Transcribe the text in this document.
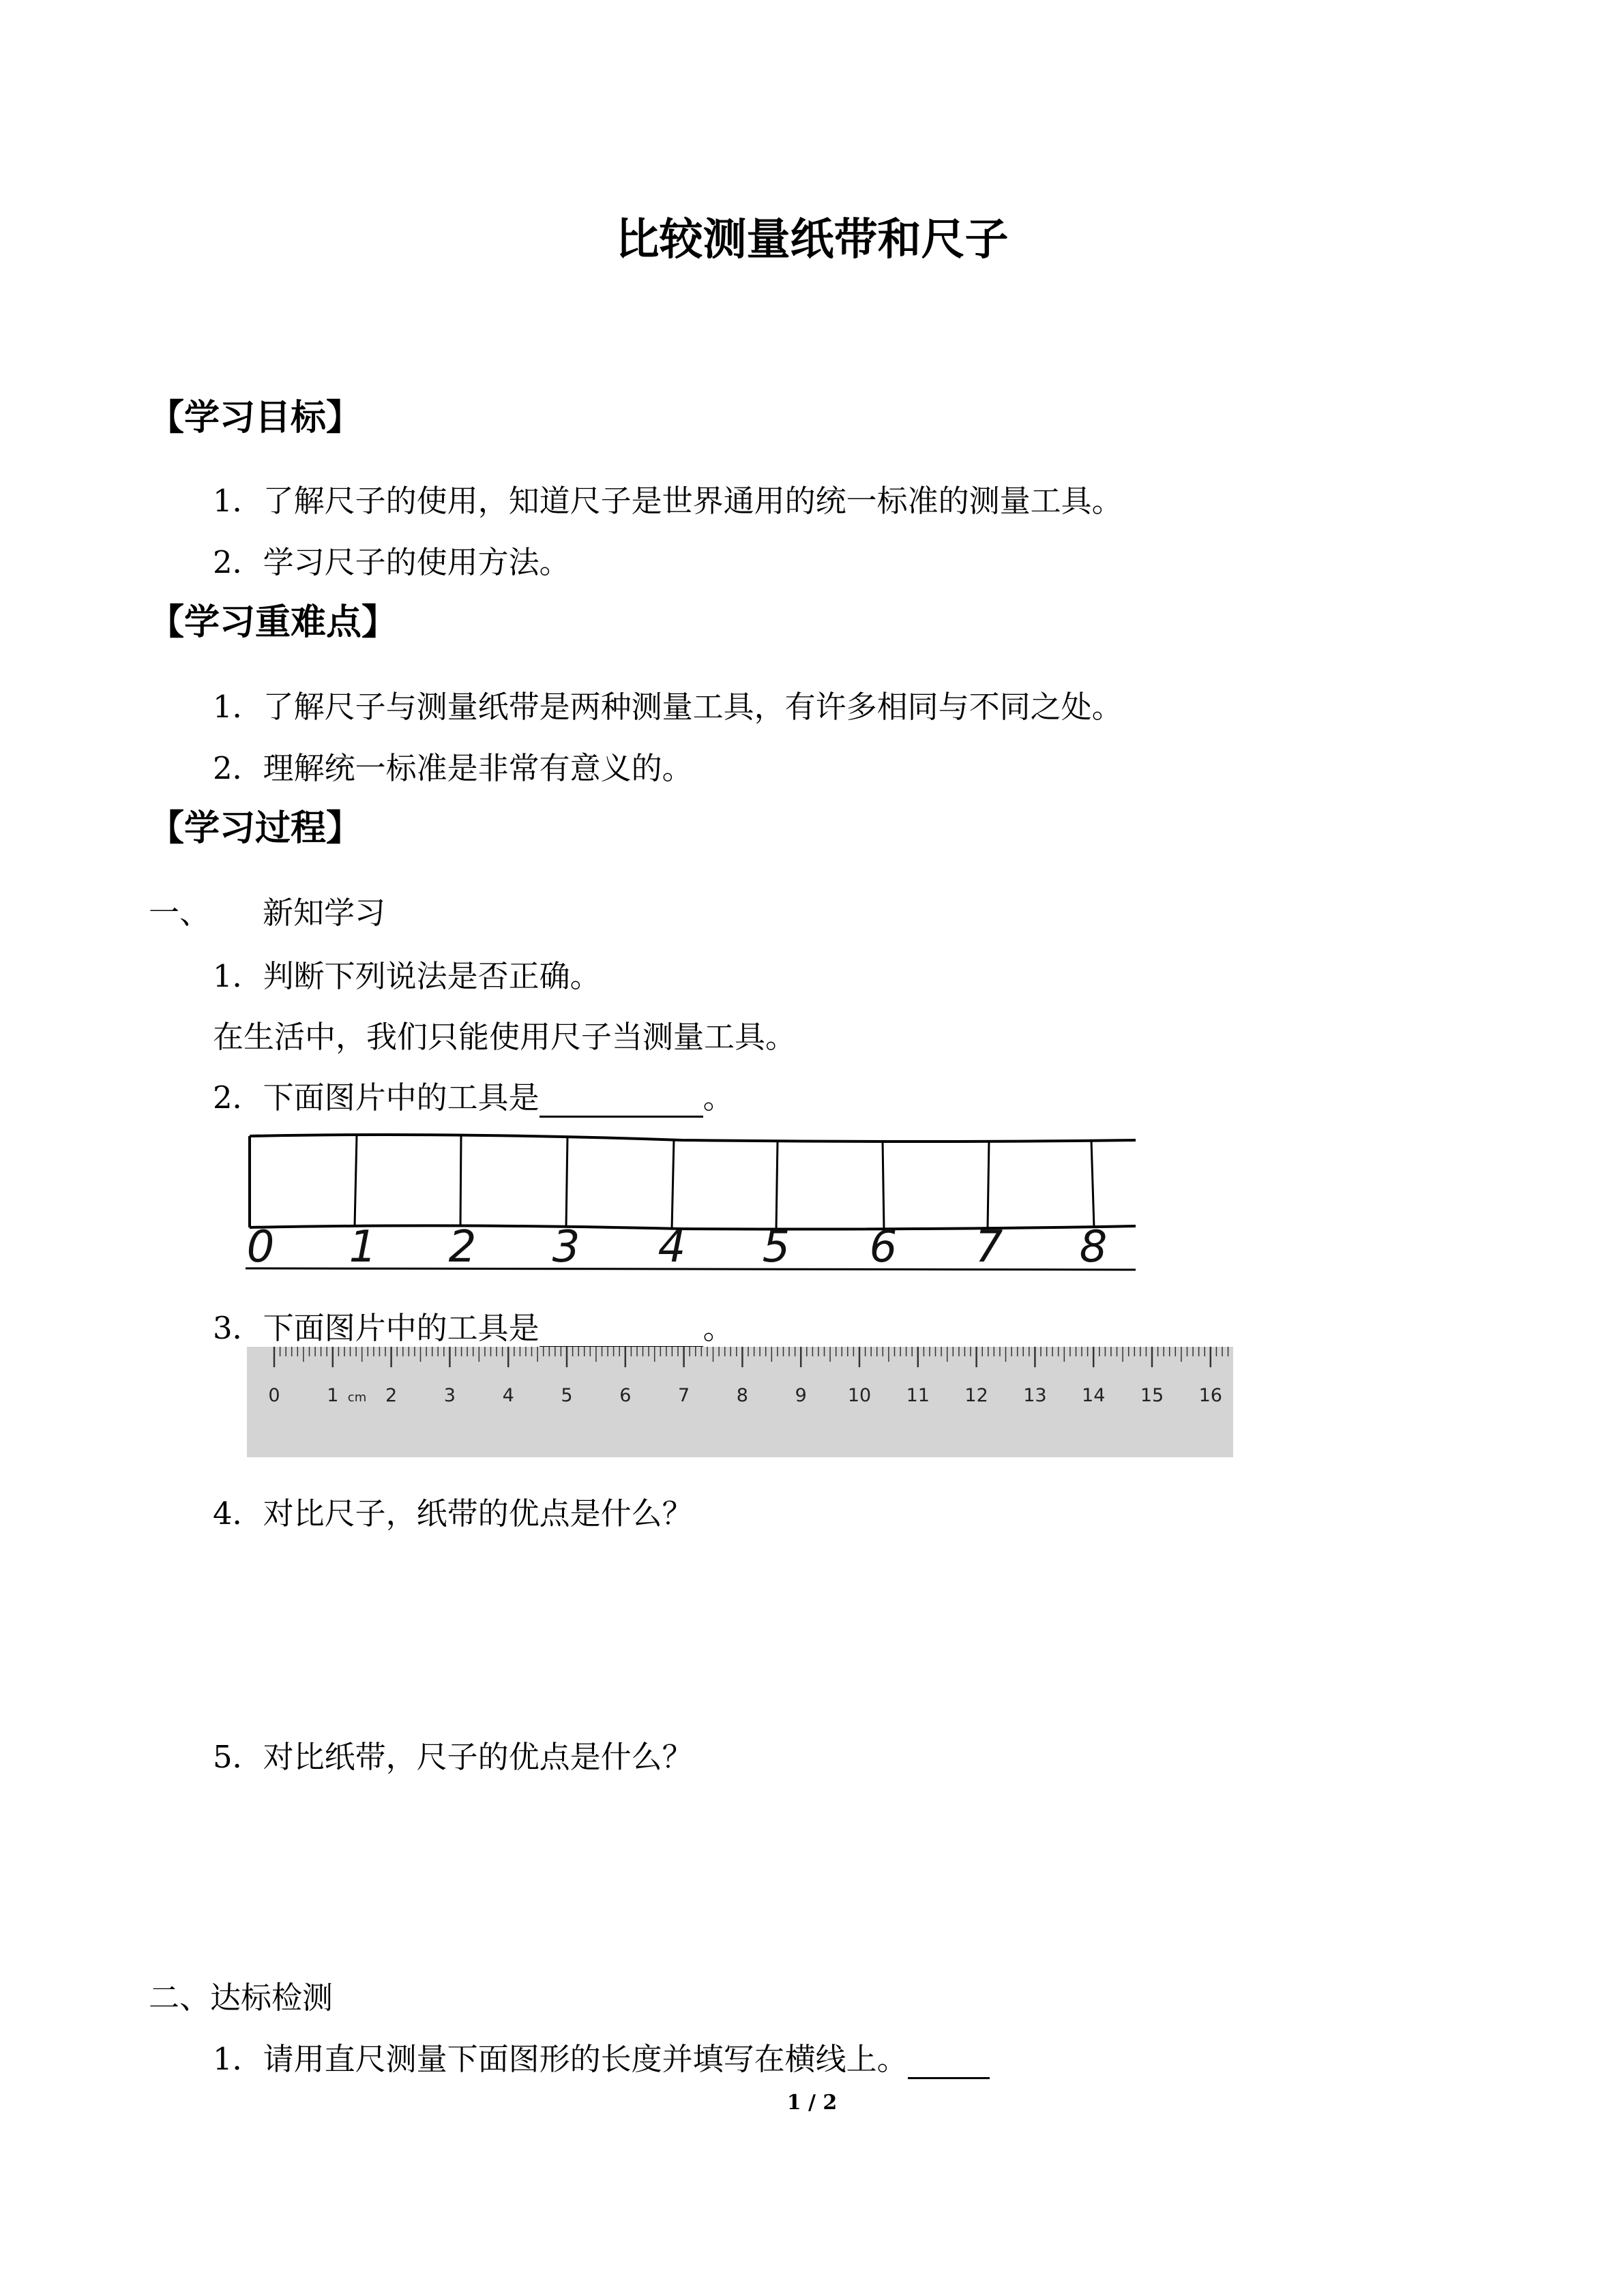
比较测量纸带和尺子
【学习目标】
1．了解尺子的使用，知道尺子是世界通用的统一标准的测量工具。
2．学习尺子的使用方法。
【学习重难点】
1．了解尺子与测量纸带是两种测量工具，有许多相同与不同之处。
2．理解统一标准是非常有意义的。
【学习过程】
一、 新知学习
1．判断下列说法是否正确。
在生活中，我们只能使用尺子当测量工具。
2．下面图片中的工具是	。
0 1 2 3 4 5 6 7 8
3．下面图片中的工具是	。
0	1	2	3	4	5	6	7	8	9 10 11 12 13 14 15 16
cm
4．对比尺子，纸带的优点是什么？
5．对比纸带，尺子的优点是什么？
二、达标检测
1．请用直尺测量下面图形的长度并填写在横线上。
1 / 2
